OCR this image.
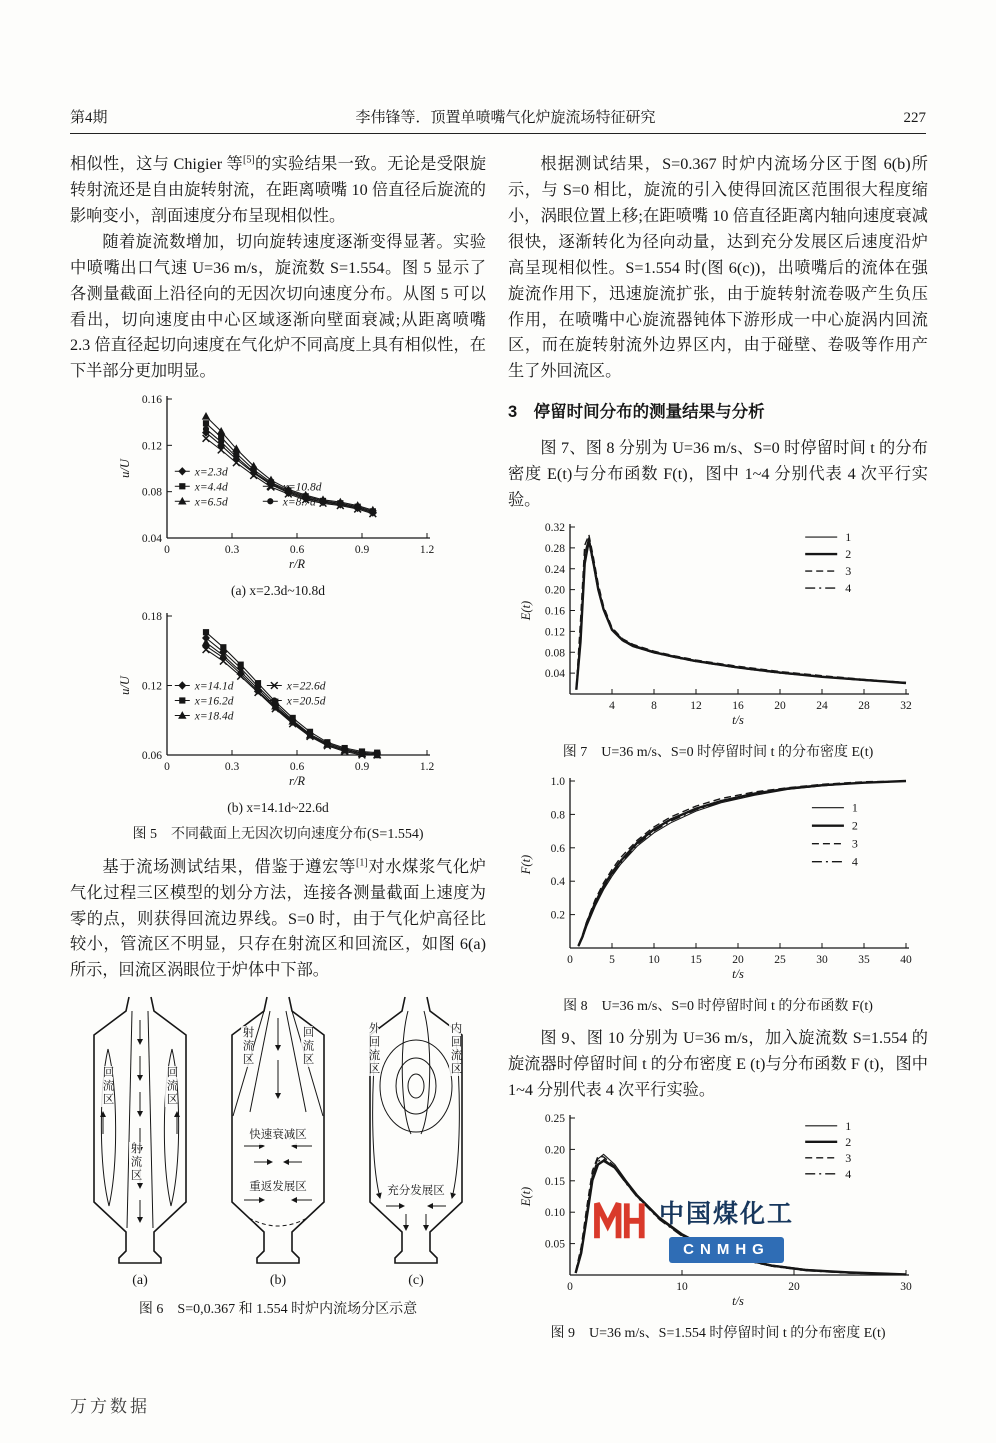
第4期	李伟锋等．顶置单喷嘴气化炉旋流场特征研究	227

相似性，这与 Chigier 等[5]的实验结果一致。无论是受限旋转射流还是自由旋转射流，在距离喷嘴 10 倍直径后旋流的影响变小，剖面速度分布呈现相似性。

随着旋流数增加，切向旋转速度逐渐变得显著。实验中喷嘴出口气速 U=36 m/s，旋流数 S=1.554。图 5 显示了各测量截面上沿径向的无因次切向速度分布。从图 5 可以看出，切向速度由中心区域逐渐向壁面衰减;从距离喷嘴 2.3 倍直径起切向速度在气化炉不同高度上具有相似性，在下半部分更加明显。

0.04
0.08
0.12
0.16
0	0.3	0.6	0.9	1.2
r/R
u/U	x=2.3d
x=4.4d
x=6.5d
x=10.8d
x=8.7d
(a) x=2.3d~10.8d
0.06
0.12
0.18
0	0.3	0.6	0.9	1.2
r/R
u/U	x=14.1d
x=16.2d
x=18.4d
x=22.6d
x=20.5d
(b) x=14.1d~22.6d
图 5　不同截面上无因次切向速度分布(S=1.554)

基于流场测试结果，借鉴于遵宏等[1]对水煤浆气化炉气化过程三区模型的划分方法，连接各测量截面上速度为零的点，则获得回流边界线。S=0 时，由于气化炉高径比较小，管流区不明显，只存在射流区和回流区，如图 6(a)所示，回流区涡眼位于炉体中下部。

回流区	回流区
射流区
(a)
射流区	回流区
快速衰减区
重返发展区
(b)
外回流区	内回流区
充分发展区
(c)
图 6　S=0,0.367 和 1.554 时炉内流场分区示意

根据测试结果，S=0.367 时炉内流场分区于图 6(b)所示，与 S=0 相比，旋流的引入使得回流区范围很大程度缩小，涡眼位置上移;在距喷嘴 10 倍直径距离内轴向速度衰减很快，逐渐转化为径向动量，达到充分发展区后速度沿炉高呈现相似性。S=1.554 时(图 6(c))，出喷嘴后的流体在强旋流作用下，迅速旋流扩张，由于旋转射流卷吸产生负压作用，在喷嘴中心旋流器钝体下游形成一中心旋涡内回流区，而在旋转射流外边界区内，由于碰壁、卷吸等作用产生了外回流区。

3　停留时间分布的测量结果与分析

图 7、图 8 分别为 U=36 m/s、S=0 时停留时间 t 的分布密度 E(t)与分布函数 F(t)，图中 1~4 分别代表 4 次平行实验。

0.04
0.08
0.12
0.16
0.20
0.24
0.28
0.32
4	8	12	16	20	24	28	32
t/s
E(t)
1
2
3
4
图 7　U=36 m/s、S=0 时停留时间 t 的分布密度 E(t)
0.2
0.4
0.6
0.8
1.0
0	5	10	15	20	25	30	35	40
t/s
F(t)
1
2
3
4
图 8　U=36 m/s、S=0 时停留时间 t 的分布函数 F(t)

图 9、图 10 分别为 U=36 m/s，加入旋流数 S=1.554 的旋流器时停留时间 t 的分布密度 E (t)与分布函数 F (t)，图中 1~4 分别代表 4 次平行实验。

0.05
0.10
0.15
0.20
0.25
0	10	20	30
t/s
E(t)
1
2
3
4
中国煤化工
CNMHG
图 9　U=36 m/s、S=1.554 时停留时间 t 的分布密度 E(t)
万方数据
